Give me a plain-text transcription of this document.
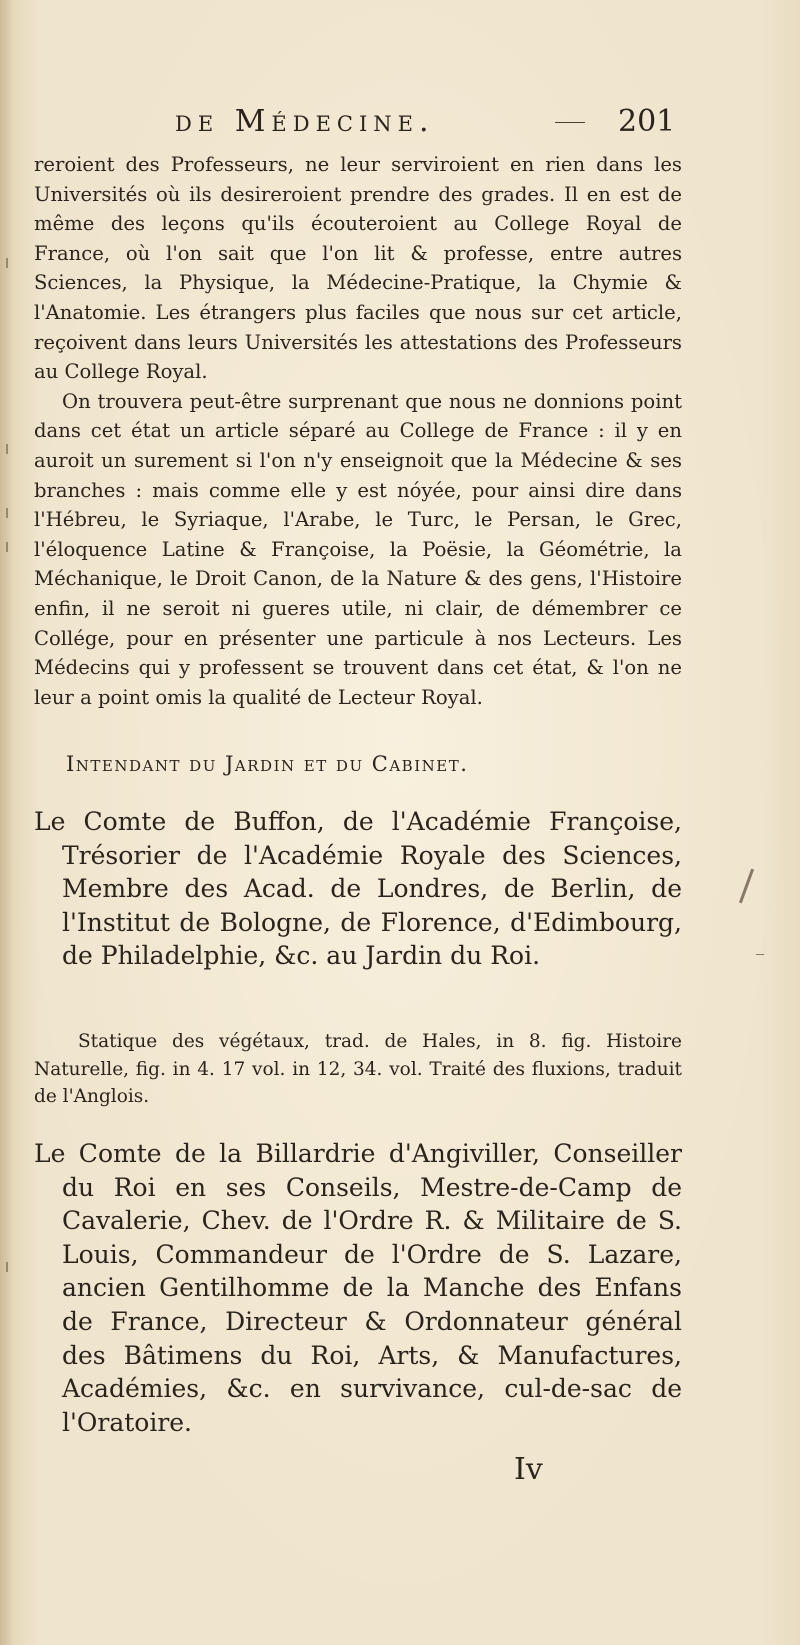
de Médecine.	201

reroient des Professeurs, ne leur serviroient en rien dans les Universités où ils desireroient prendre des grades. Il en est de même des leçons qu'ils écouteroient au College Royal de France, où l'on sait que l'on lit & professe, entre autres Sciences, la Physique, la Médecine-Pratique, la Chymie & l'Anatomie. Les étrangers plus faciles que nous sur cet article, reçoivent dans leurs Universités les attestations des Professeurs au College Royal.

On trouvera peut-être surprenant que nous ne donnions point dans cet état un article séparé au College de France : il y en auroit un surement si l'on n'y enseignoit que la Médecine & ses branches : mais comme elle y est nóyée, pour ainsi dire dans l'Hébreu, le Syriaque, l'Arabe, le Turc, le Persan, le Grec, l'éloquence Latine & Françoise, la Poësie, la Géométrie, la Méchanique, le Droit Canon, de la Nature & des gens, l'Histoire enfin, il ne seroit ni gueres utile, ni clair, de démembrer ce Collége, pour en présenter une particule à nos Lecteurs. Les Médecins qui y professent se trouvent dans cet état, & l'on ne leur a point omis la qualité de Lecteur Royal.

Intendant du Jardin et du Cabinet.
Le Comte de Buffon, de l'Académie Françoise, Trésorier de l'Académie Royale des Sciences, Membre des Acad. de Londres, de Berlin, de l'Institut de Bologne, de Florence, d'Edimbourg, de Philadelphie, &c. au Jardin du Roi.
Statique des végétaux, trad. de Hales, in 8. fig. Histoire Naturelle, fig. in 4. 17 vol. in 12, 34. vol. Traité des fluxions, traduit de l'Anglois.
Le Comte de la Billardrie d'Angiviller, Conseiller du Roi en ses Conseils, Mestre-de-Camp de Cavalerie, Chev. de l'Ordre R. & Militaire de S. Louis, Commandeur de l'Ordre de S. Lazare, ancien Gentilhomme de la Manche des Enfans de France, Directeur & Ordonnateur général des Bâtimens du Roi, Arts, & Manufactures, Académies, &c. en survivance, cul-de-sac de l'Oratoire.
Iv
